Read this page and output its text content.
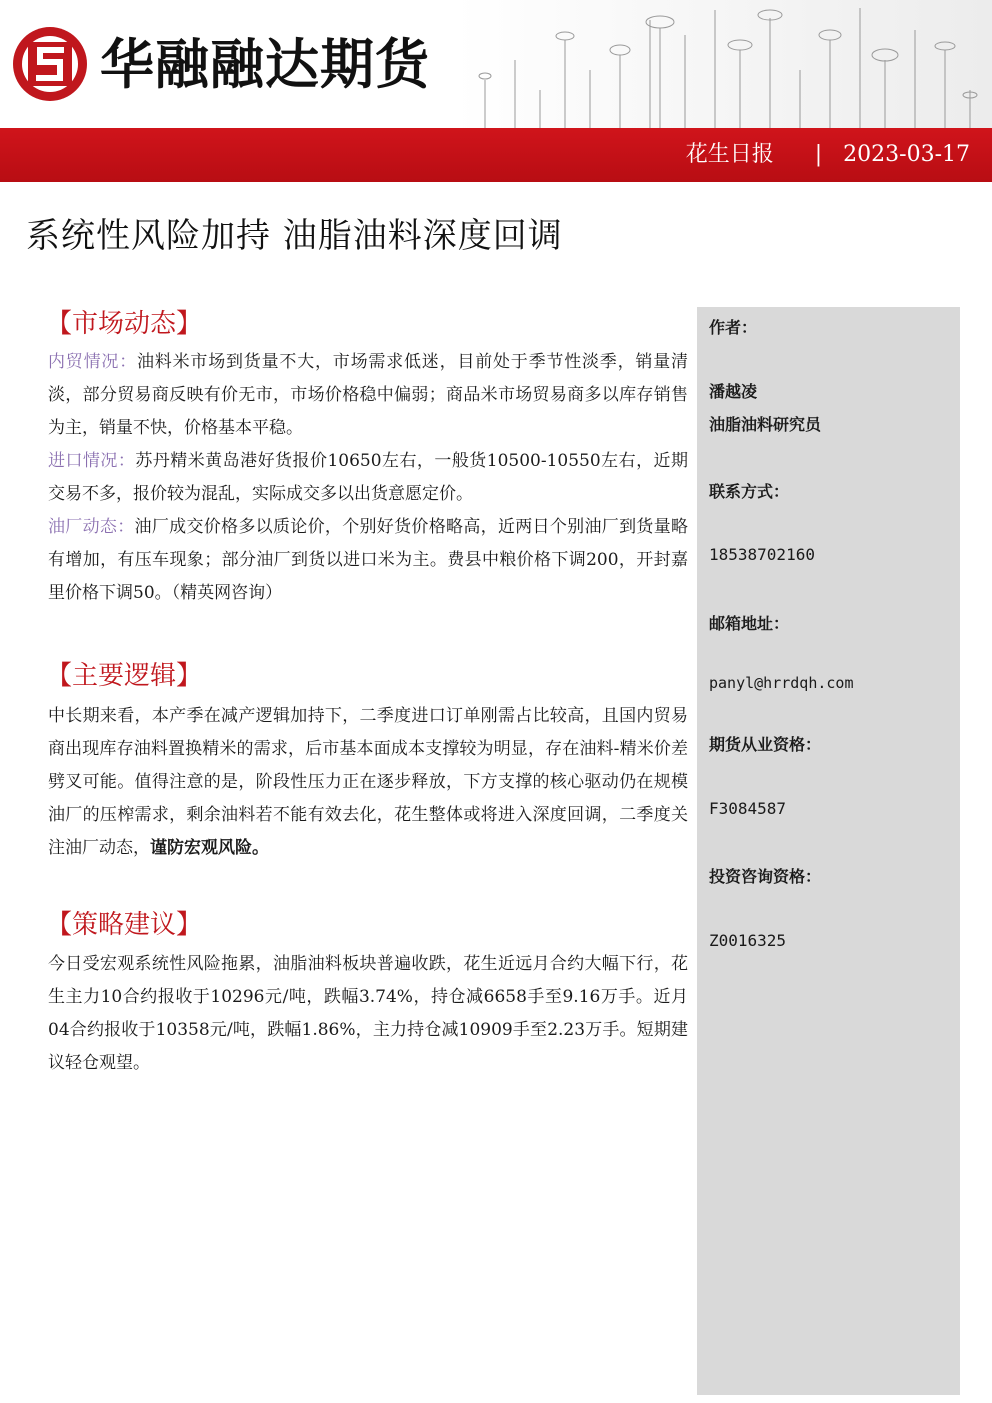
华融融达期货
花生日报 | 2023-03-17
系统性风险加持 油脂油料深度回调
作者：
潘越凌
油脂油料研究员
联系方式：
18538702160
邮箱地址：
panyl@hrrdqh.com
期货从业资格：
F3084587
投资咨询资格：
Z0016325
【市场动态】
内贸情况：油料米市场到货量不大，市场需求低迷，目前处于季节性淡季，销量清淡，部分贸易商反映有价无市，市场价格稳中偏弱；商品米市场贸易商多以库存销售为主，销量不快，价格基本平稳。
进口情况：苏丹精米黄岛港好货报价10650左右，一般货10500-10550左右，近期交易不多，报价较为混乱，实际成交多以出货意愿定价。
油厂动态：油厂成交价格多以质论价，个别好货价格略高，近两日个别油厂到货量略有增加，有压车现象；部分油厂到货以进口米为主。费县中粮价格下调200，开封嘉里价格下调50。（精英网咨询）
【主要逻辑】
中长期来看，本产季在减产逻辑加持下，二季度进口订单刚需占比较高，且国内贸易商出现库存油料置换精米的需求，后市基本面成本支撑较为明显，存在油料-精米价差劈叉可能。值得注意的是，阶段性压力正在逐步释放，下方支撑的核心驱动仍在规模油厂的压榨需求，剩余油料若不能有效去化，花生整体或将进入深度回调，二季度关注油厂动态，谨防宏观风险。
【策略建议】
今日受宏观系统性风险拖累，油脂油料板块普遍收跌，花生近远月合约大幅下行，花生主力10合约报收于10296元/吨，跌幅3.74%，持仓减6658手至9.16万手。近月04合约报收于10358元/吨，跌幅1.86%，主力持仓减10909手至2.23万手。短期建议轻仓观望。
